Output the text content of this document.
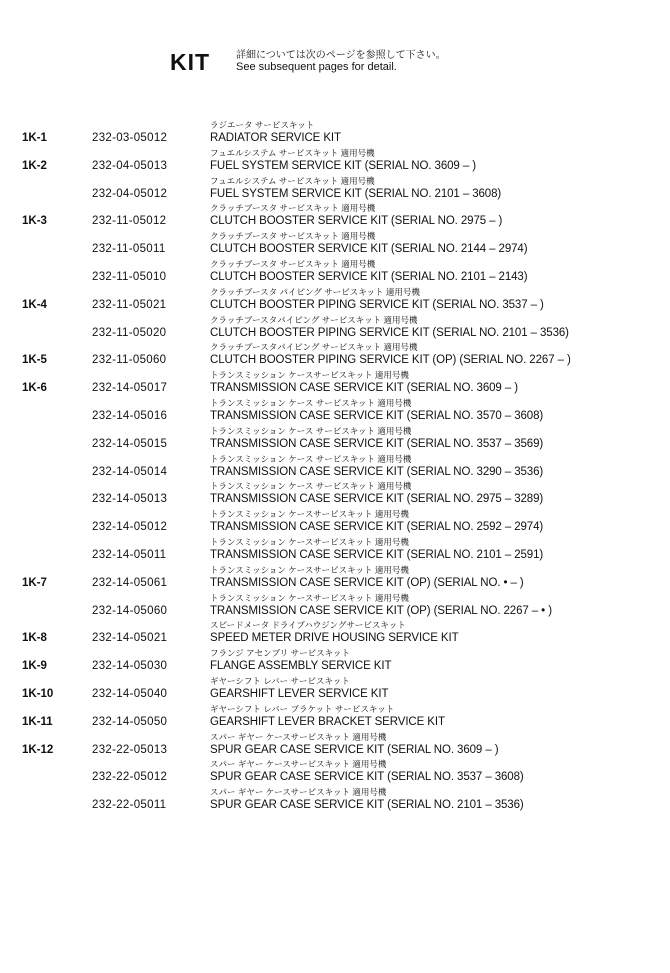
KIT	詳細については次のページを参照して下さい。
See subsequent pages for detail.
1K-1	232-03-05012
ラジエータ サービスキット
RADIATOR SERVICE KIT
1K-2	232-04-05013
フュエルシステム サービスキット 適用号機
FUEL SYSTEM SERVICE KIT (SERIAL NO. 3609 – )
232-04-05012
フュエルシステム サービスキット 適用号機
FUEL SYSTEM SERVICE KIT (SERIAL NO. 2101 – 3608)
1K-3	232-11-05012
クラッチブースタ サービスキット 適用号機
CLUTCH BOOSTER SERVICE KIT (SERIAL NO. 2975 – )
232-11-05011
クラッチブースタ サービスキット 適用号機
CLUTCH BOOSTER SERVICE KIT (SERIAL NO. 2144 – 2974)
232-11-05010
クラッチブースタ サービスキット 適用号機
CLUTCH BOOSTER SERVICE KIT (SERIAL NO. 2101 – 2143)
1K-4	232-11-05021
クラッチブースタ パイピング サービスキット 適用号機
CLUTCH BOOSTER PIPING SERVICE KIT (SERIAL NO. 3537 – )
232-11-05020
クラッチブースタパイピング サービスキット 適用号機
CLUTCH BOOSTER PIPING SERVICE KIT (SERIAL NO. 2101 – 3536)
1K-5	232-11-05060
クラッチブースタパイピング サービスキット 適用号機
CLUTCH BOOSTER PIPING SERVICE KIT (OP) (SERIAL NO. 2267 – )
1K-6	232-14-05017
トランスミッション ケースサービスキット 適用号機
TRANSMISSION CASE SERVICE KIT (SERIAL NO. 3609 – )
232-14-05016
トランスミッション ケース サービスキット 適用号機
TRANSMISSION CASE SERVICE KIT (SERIAL NO. 3570 – 3608)
232-14-05015
トランスミッション ケース サービスキット 適用号機
TRANSMISSION CASE SERVICE KIT (SERIAL NO. 3537 – 3569)
232-14-05014
トランスミッション ケース サービスキット 適用号機
TRANSMISSION CASE SERVICE KIT (SERIAL NO. 3290 – 3536)
232-14-05013
トランスミッション ケース サービスキット 適用号機
TRANSMISSION CASE SERVICE KIT (SERIAL NO. 2975 – 3289)
232-14-05012
トランスミッション ケースサービスキット 適用号機
TRANSMISSION CASE SERVICE KIT (SERIAL NO. 2592 – 2974)
232-14-05011
トランスミッション ケースサービスキット 適用号機
TRANSMISSION CASE SERVICE KIT (SERIAL NO. 2101 – 2591)
1K-7	232-14-05061
トランスミッション ケースサービスキット 適用号機
TRANSMISSION CASE SERVICE KIT (OP) (SERIAL NO. • – )
232-14-05060
トランスミッション ケースサービスキット 適用号機
TRANSMISSION CASE SERVICE KIT (OP) (SERIAL NO. 2267 – • )
1K-8	232-14-05021
スピードメータ ドライブハウジングサービスキット
SPEED METER DRIVE HOUSING SERVICE KIT
1K-9	232-14-05030
フランジ アセンブリ サービスキット
FLANGE ASSEMBLY SERVICE KIT
1K-10	232-14-05040
ギヤーシフト レバー サービスキット
GEARSHIFT LEVER SERVICE KIT
1K-11	232-14-05050
ギヤーシフト レバー ブラケット サービスキット
GEARSHIFT LEVER BRACKET SERVICE KIT
1K-12	232-22-05013
スパー ギヤー ケースサービスキット 適用号機
SPUR GEAR CASE SERVICE KIT (SERIAL NO. 3609 – )
232-22-05012
スパー ギヤー ケースサービスキット 適用号機
SPUR GEAR CASE SERVICE KIT (SERIAL NO. 3537 – 3608)
232-22-05011
スパー ギヤー ケースサービスキット 適用号機
SPUR GEAR CASE SERVICE KIT (SERIAL NO. 2101 – 3536)
